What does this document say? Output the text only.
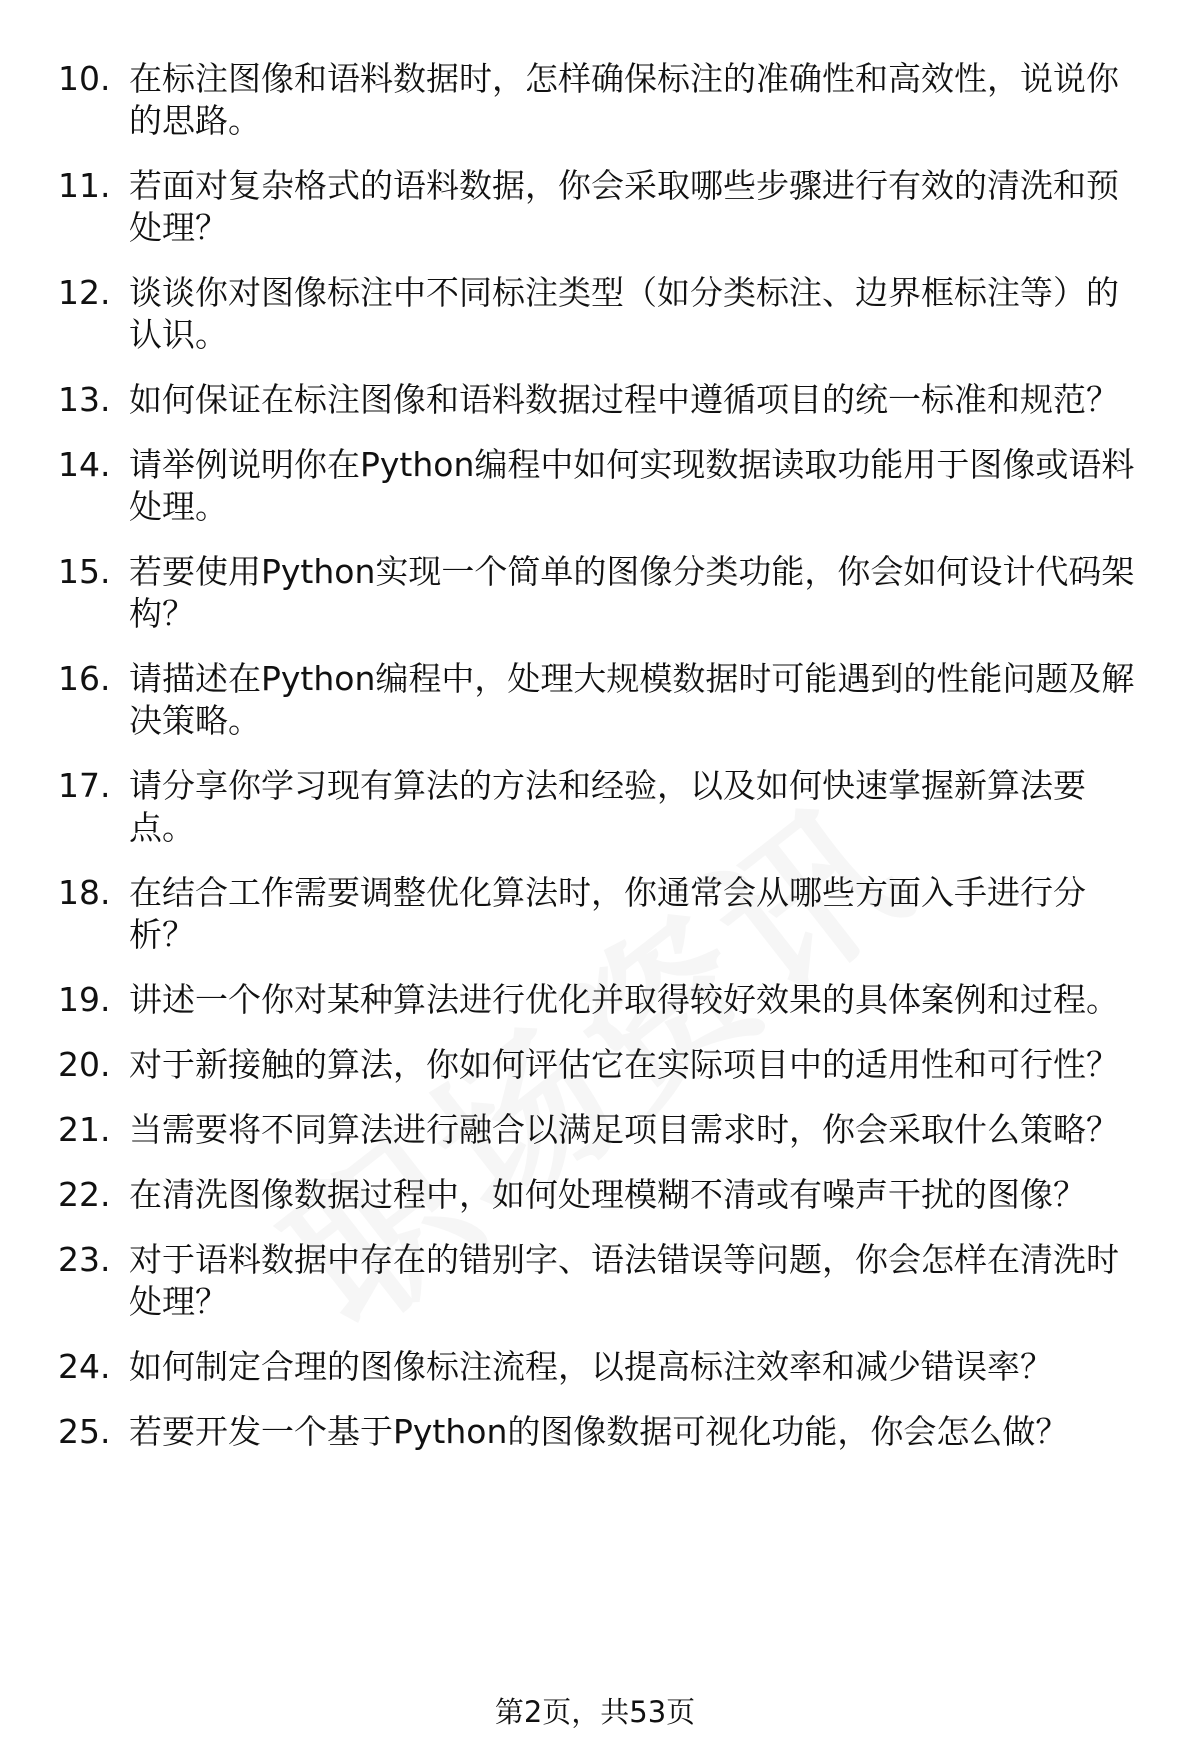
10. 在标注图像和语料数据时，怎样确保标注的准确性和高效性，说说你的思路。
11. 若面对复杂格式的语料数据，你会采取哪些步骤进行有效的清洗和预处理？
12. 谈谈你对图像标注中不同标注类型（如分类标注、边界框标注等）的认识。
13. 如何保证在标注图像和语料数据过程中遵循项目的统一标准和规范？
14. 请举例说明你在Python编程中如何实现数据读取功能用于图像或语料处理。
15. 若要使用Python实现一个简单的图像分类功能，你会如何设计代码架构？
16. 请描述在Python编程中，处理大规模数据时可能遇到的性能问题及解决策略。
17. 请分享你学习现有算法的方法和经验，以及如何快速掌握新算法要点。
18. 在结合工作需要调整优化算法时，你通常会从哪些方面入手进行分析？
19. 讲述一个你对某种算法进行优化并取得较好效果的具体案例和过程。
20. 对于新接触的算法，你如何评估它在实际项目中的适用性和可行性？
21. 当需要将不同算法进行融合以满足项目需求时，你会采取什么策略？
22. 在清洗图像数据过程中，如何处理模糊不清或有噪声干扰的图像？
23. 对于语料数据中存在的错别字、语法错误等问题，你会怎样在清洗时处理？
24. 如何制定合理的图像标注流程，以提高标注效率和减少错误率？
25. 若要开发一个基于Python的图像数据可视化功能，你会怎么做？
第2页，共53页
